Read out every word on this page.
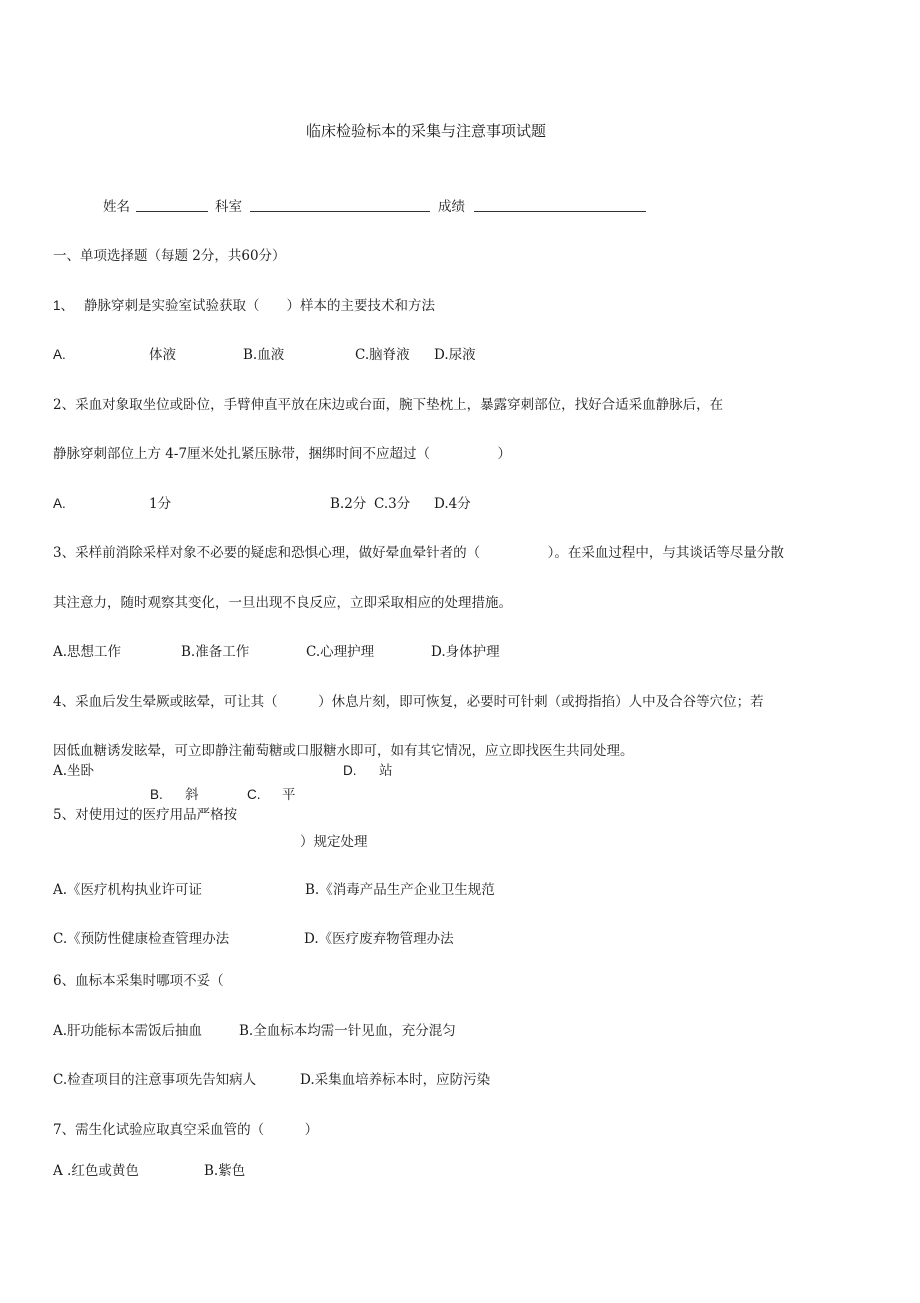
临床检验标本的采集与注意事项试题
姓名	科室	成绩
一、单项选择题（每题 2分，共60分）
1、 静脉穿刺是实验室试验获取（　　）样本的主要技术和方法
A.	体液	B.血液	C.脑脊液 D.尿液
2、采血对象取坐位或卧位，手臂伸直平放在床边或台面，腕下垫枕上，暴露穿刺部位，找好合适采血静脉后，在
静脉穿刺部位上方 4-7厘米处扎紧压脉带，捆绑时间不应超过（　　　　　）
A.	1分	B.2分 C.3分 D.4分
3、采样前消除采样对象不必要的疑虑和恐惧心理，做好晕血晕针者的（　　　　　）。在采血过程中，与其谈话等尽量分散
其注意力，随时观察其变化，一旦出现不良反应，立即采取相应的处理措施。
A.思想工作	B.准备工作	C.心理护理	D.身体护理
4、采血后发生晕厥或眩晕，可让其（　　　）休息片刻，即可恢复，必要时可针刺（或拇指掐）人中及合谷等穴位；若
因低血糖诱发眩晕，可立即静注葡萄糖或口服糖水即可，如有其它情况，应立即找医生共同处理。
A.坐卧	D. 站
B. 斜	C. 平
5、对使用过的医疗用品严格按
）规定处理
A.《医疗机构执业许可证	B.《消毒产品生产企业卫生规范
C.《预防性健康检查管理办法	D.《医疗废弃物管理办法
6、血标本采集时哪项不妥（
A.肝功能标本需饭后抽血	B.全血标本均需一针见血，充分混匀
C.检查项目的注意事项先告知病人	D.采集血培养标本时，应防污染
7、需生化试验应取真空采血管的（　　　）
A .红色或黄色	B.紫色
